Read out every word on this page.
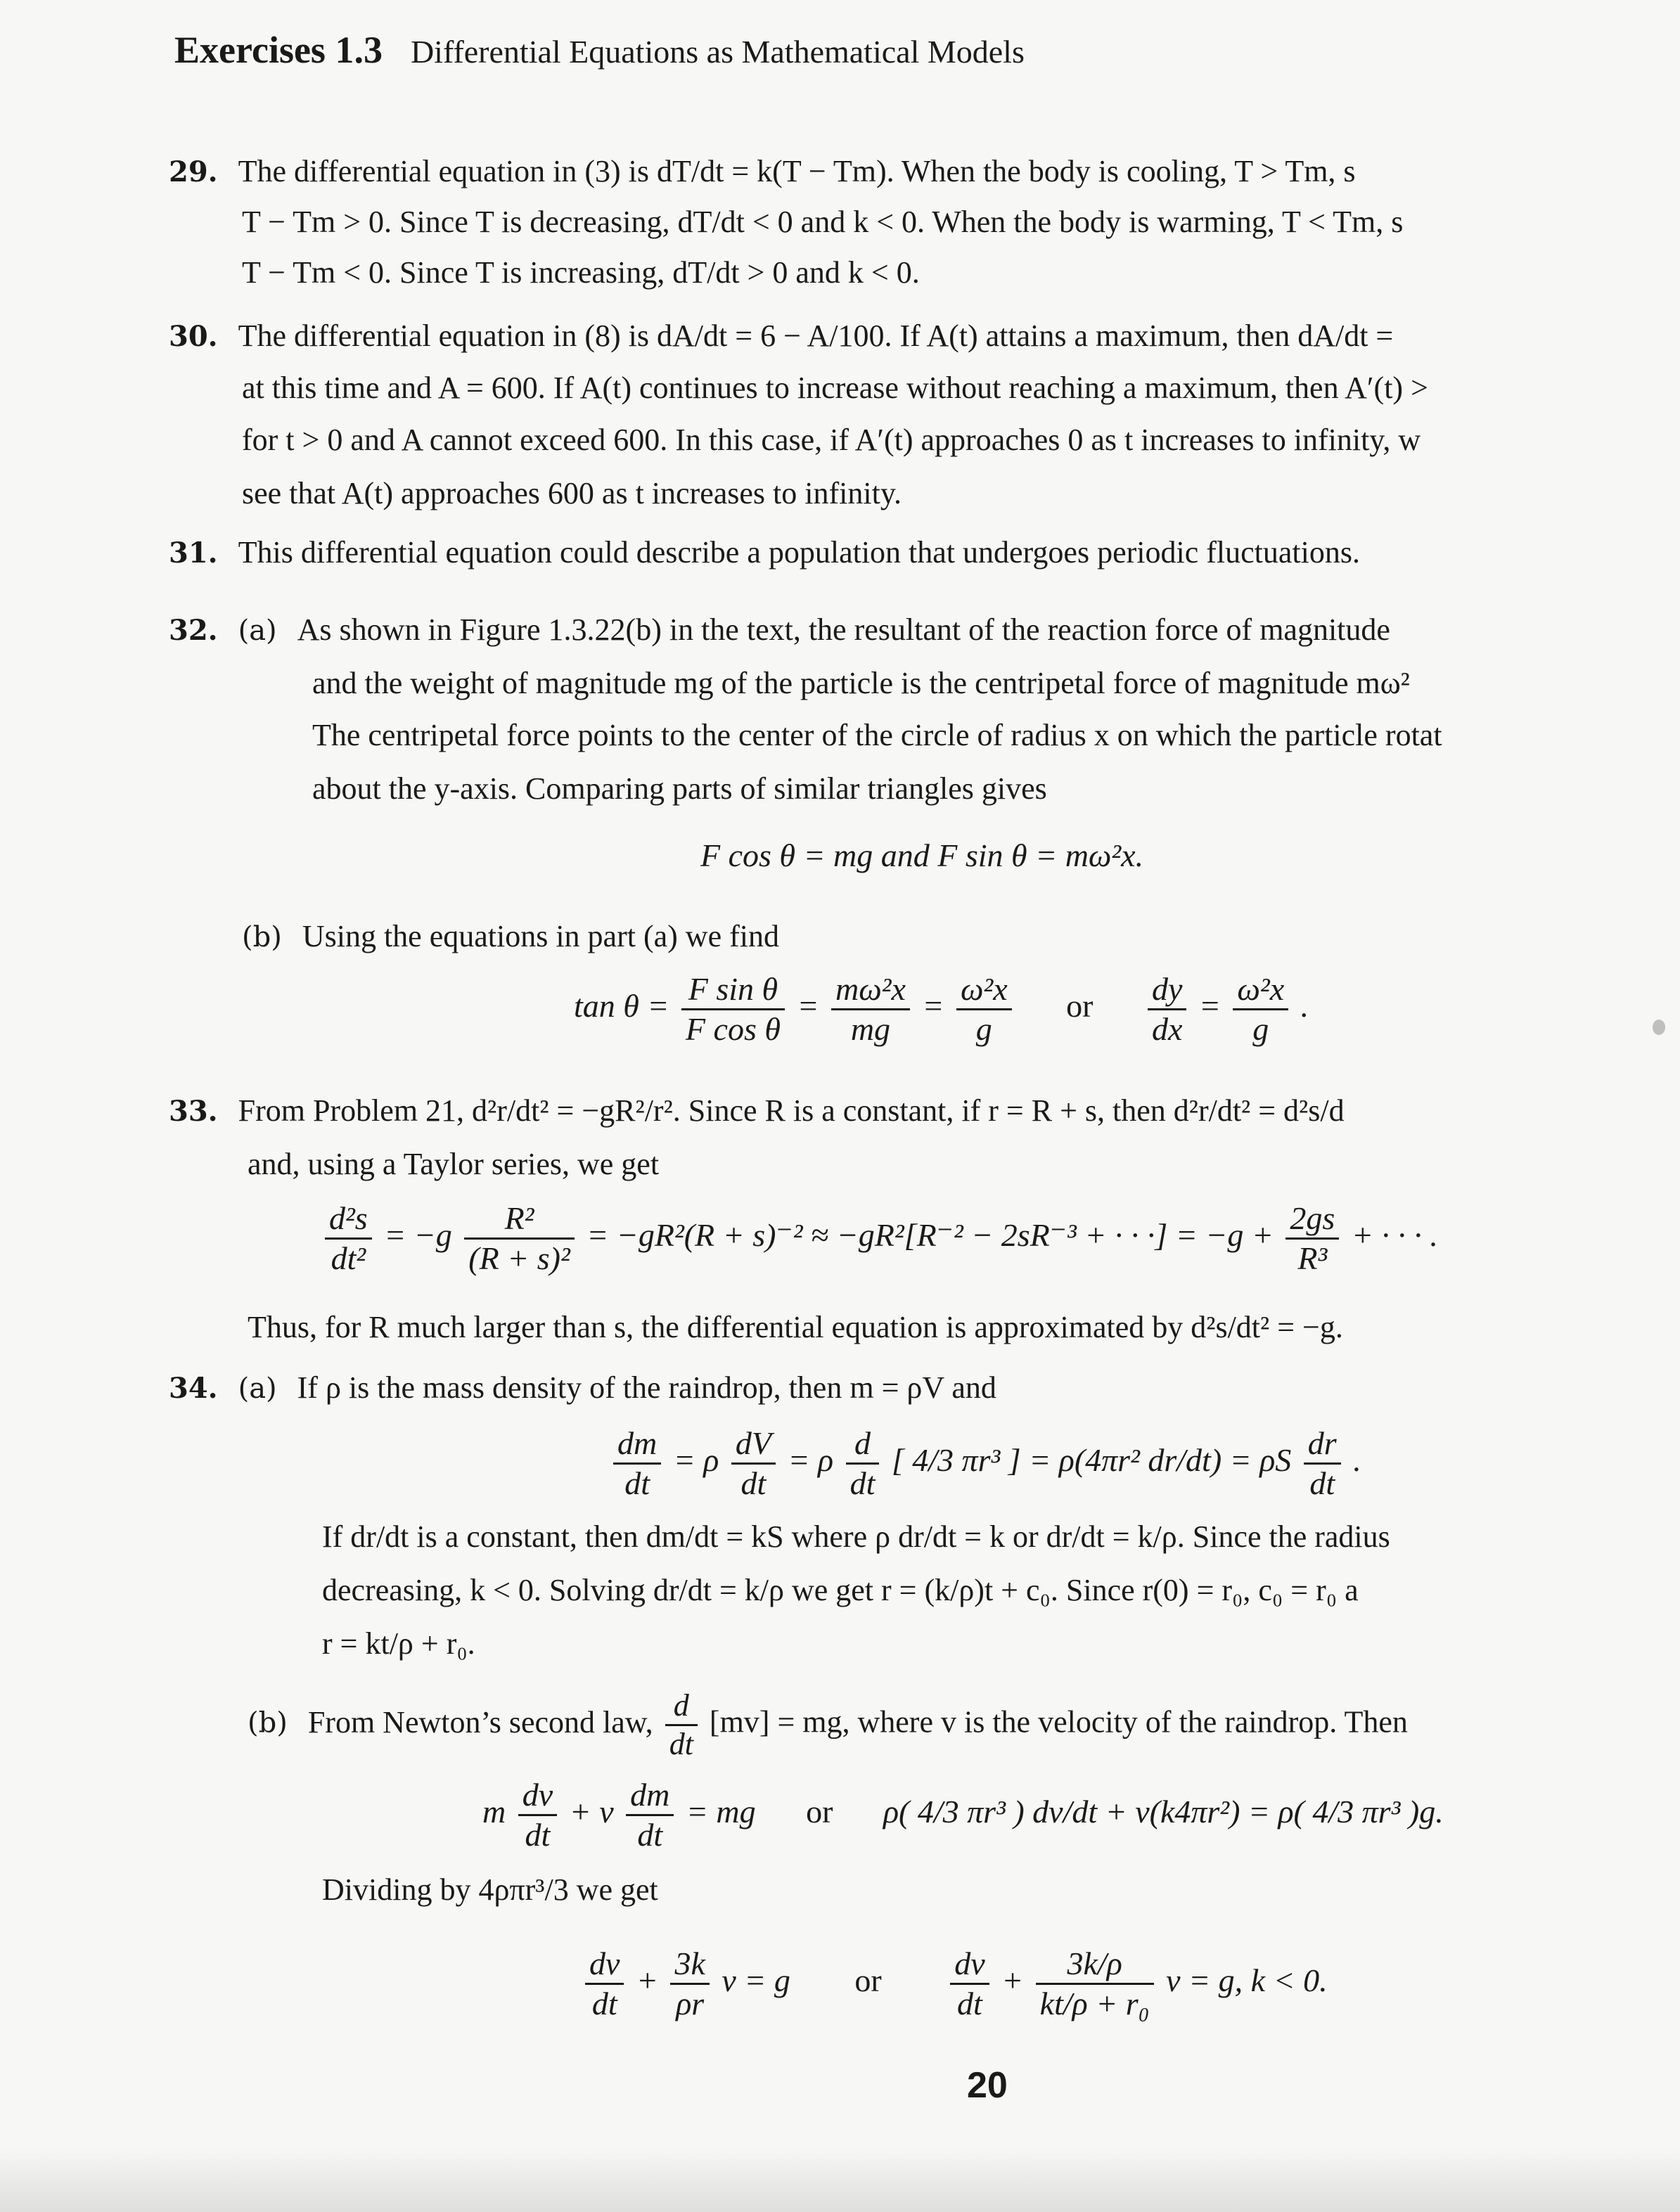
Exercises 1.3 Differential Equations as Mathematical Models
29. The differential equation in (3) is dT/dt = k(T − Tm). When the body is cooling, T > Tm, s
T − Tm > 0. Since T is decreasing, dT/dt < 0 and k < 0. When the body is warming, T < Tm, s
T − Tm < 0. Since T is increasing, dT/dt > 0 and k < 0.
30. The differential equation in (8) is dA/dt = 6 − A/100. If A(t) attains a maximum, then dA/dt =
at this time and A = 600. If A(t) continues to increase without reaching a maximum, then A′(t) >
for t > 0 and A cannot exceed 600. In this case, if A′(t) approaches 0 as t increases to infinity, w
see that A(t) approaches 600 as t increases to infinity.
31. This differential equation could describe a population that undergoes periodic fluctuations.
32. (a) As shown in Figure 1.3.22(b) in the text, the resultant of the reaction force of magnitude
and the weight of magnitude mg of the particle is the centripetal force of magnitude mω²
The centripetal force points to the center of the circle of radius x on which the particle rotat
about the y-axis. Comparing parts of similar triangles gives
F cos θ = mg and F sin θ = mω²x.
(b) Using the equations in part (a) we find
$\tan \theta = \frac{\text{F sin θ}}{\text{F cos θ}} = \frac{\text{mω²x}}{mg} = \frac{\text{ω²x}}{g}$ or $\frac{dy}{dx} = \frac{\text{ω²x}}{g}$ .
33. From Problem 21, d²r/dt² = −gR²/r². Since R is a constant, if r = R + s, then d²r/dt² = d²s/d
and, using a Taylor series, we get
$\frac{\text{d²s}}{\text{dt²}} = -g \frac{\text{R²}}{\text{(R + s)²}} = -gR^2(R + s)^{-2} \approx -gR^2[R^{-2} - 2sR^{-3}$ + · · ·] = $-g + \frac{2gs}{\text{R³}}$ + · · · .
Thus, for R much larger than s, the differential equation is approximated by d²s/dt² = −g.
34. (a) If ρ is the mass density of the raindrop, then m = ρV and
$\frac{dm}{dt} = \rho \frac{dV}{dt} = \rho \frac{d}{dt}$ [ 4/3 πr³ ] = ρ(4πr² dr/dt) = ρS $\frac{dr}{dt}$ .
If dr/dt is a constant, then dm/dt = kS where ρ dr/dt = k or dr/dt = k/ρ. Since the radius
decreasing, k < 0. Solving dr/dt = k/ρ we get r = (k/ρ)t + c₀. Since r(0) = r₀, c₀ = r₀ a
r = kt/ρ + r₀.
(b) From Newton’s second law, $\frac{d}{dt} [mv]$ = mg, where v is the velocity of the raindrop. Then
m $\frac{dv}{dt} + v \frac{dm}{dt}$ = mg or ρ( 4/3 πr³ ) dv/dt + v(k4πr²) = ρ( 4/3 πr³ )g.
Dividing by 4ρπr³/3 we get
$\frac{dv}{dt} + \frac{3k}{\rho r}$ v = g or $\frac{dv}{dt} + \frac{3k/\rho}{\text{kt/ρ + r₀}}$ v = g, k < 0.
20
